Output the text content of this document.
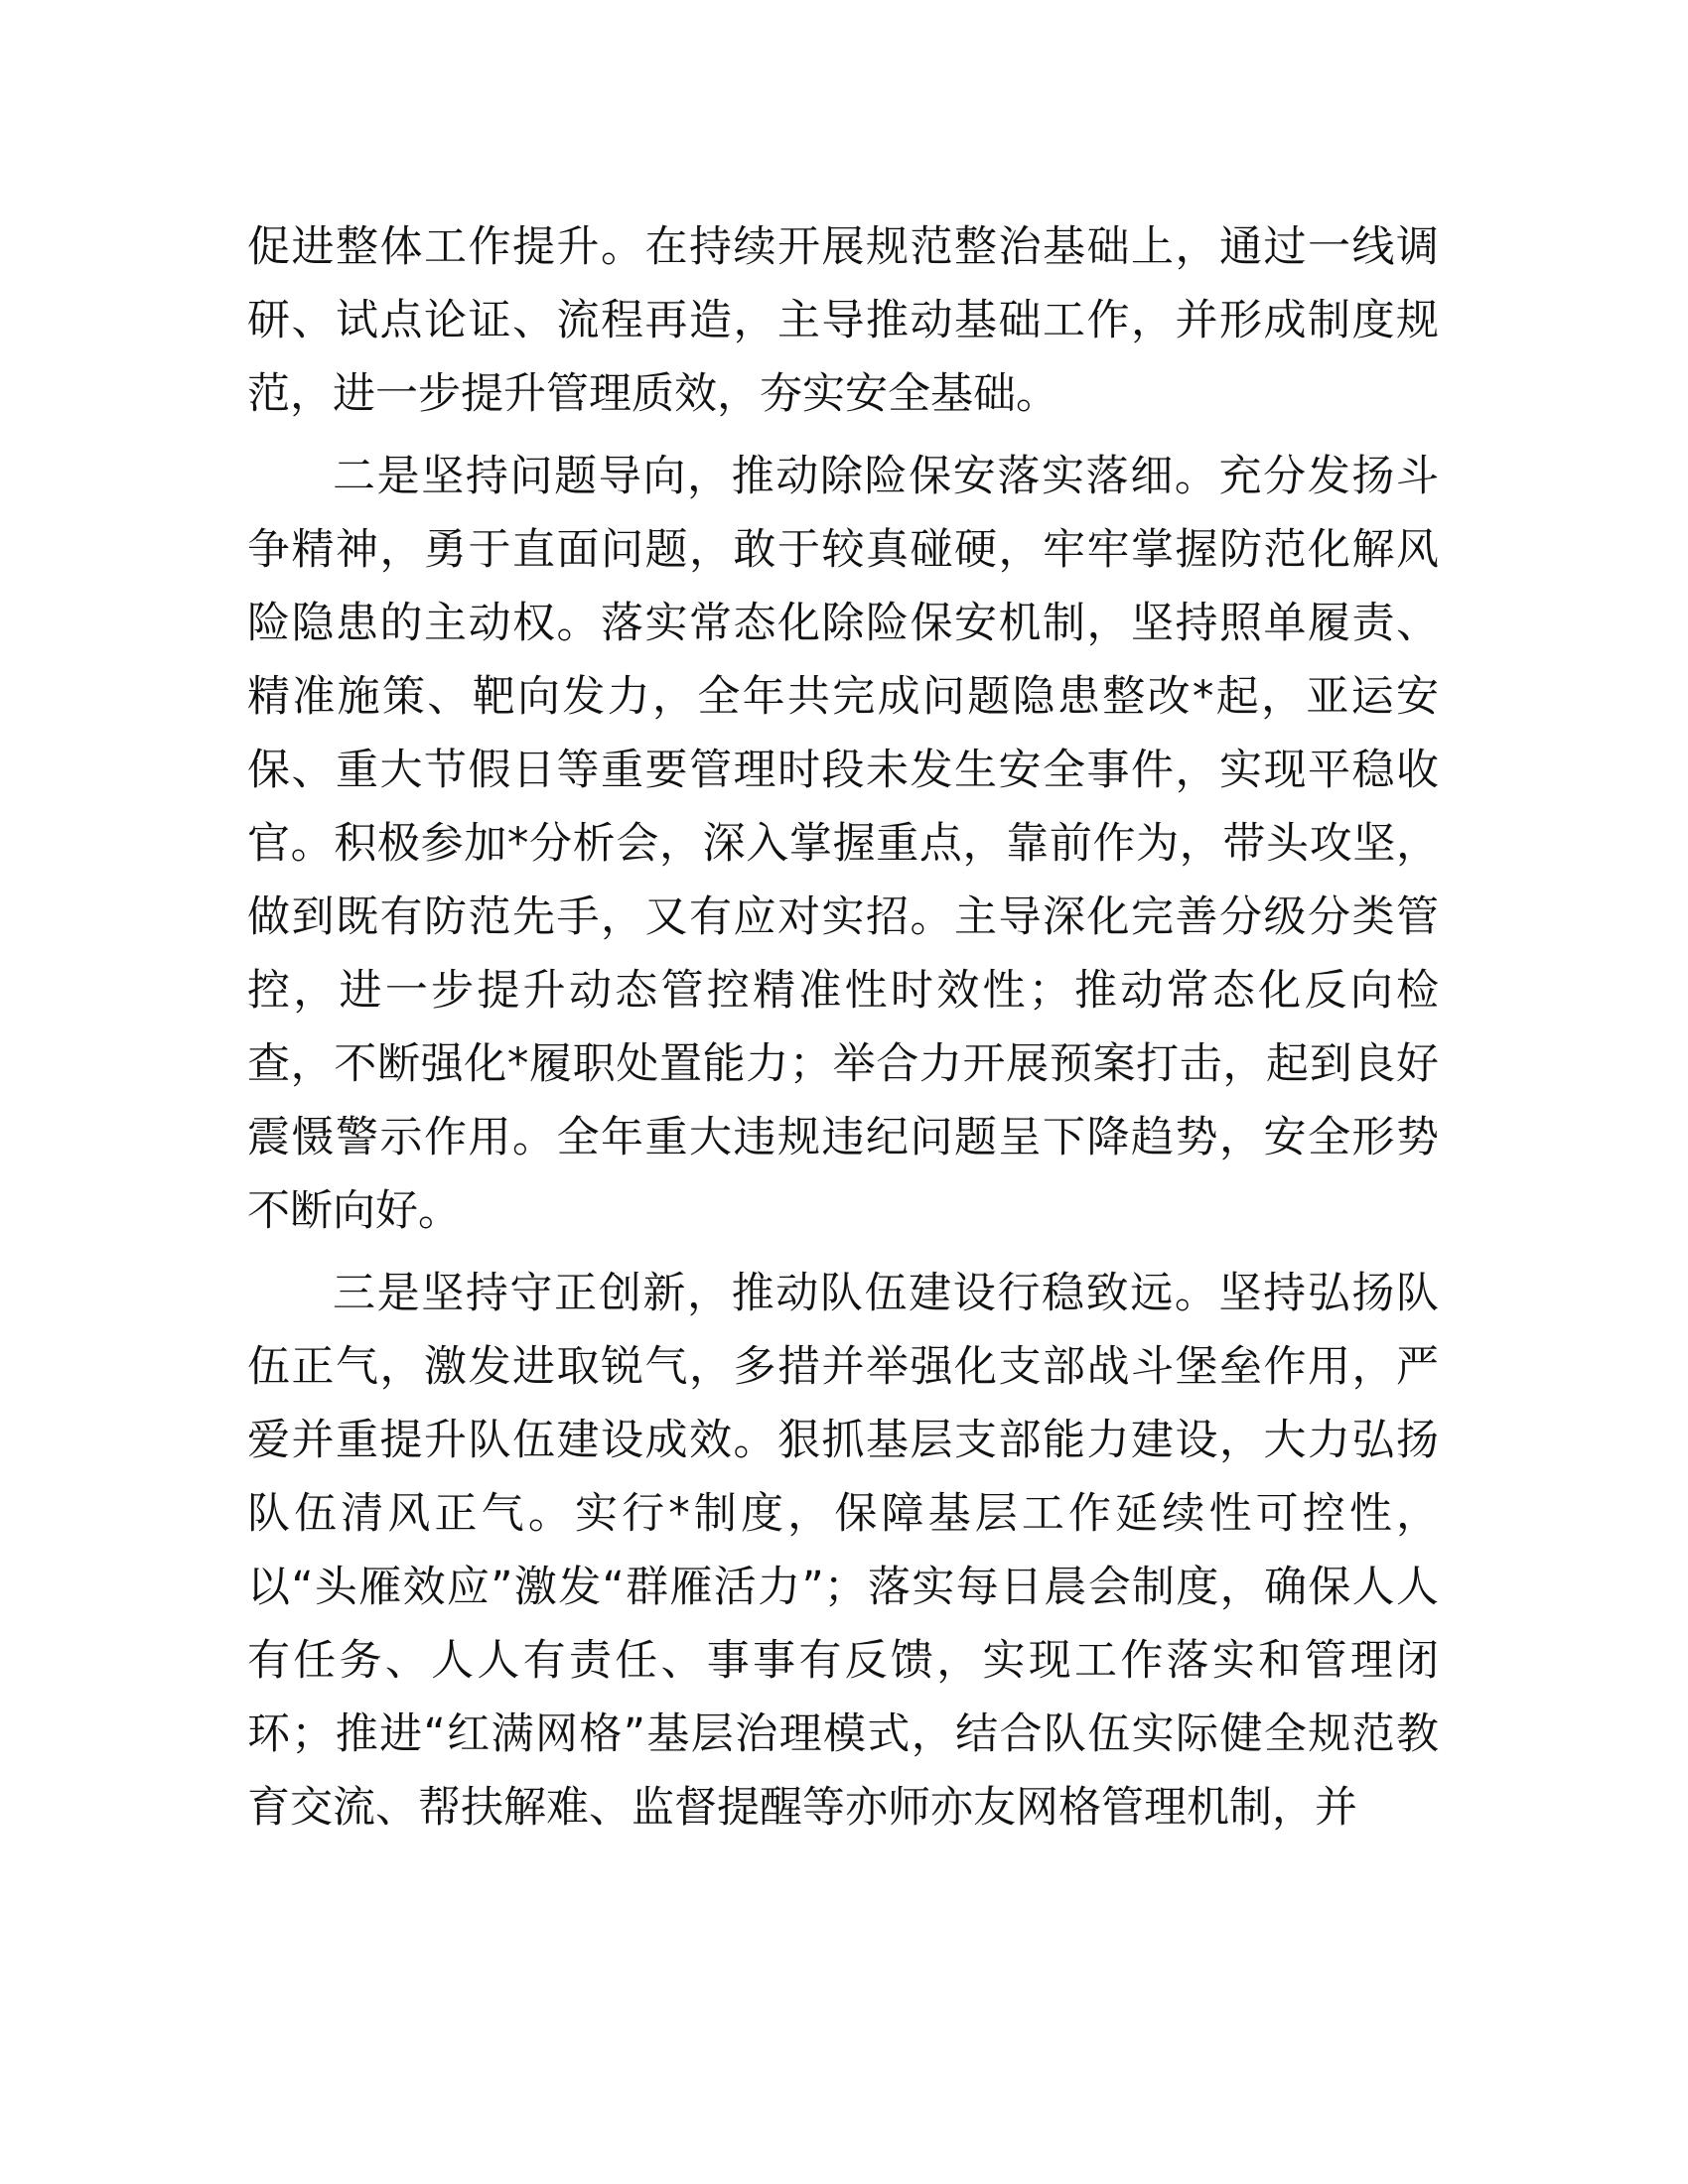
促进整体工作提升。在持续开展规范整治基础上，通过一线调研、试点论证、流程再造，主导推动基础工作，并形成制度规范，进一步提升管理质效，夯实安全基础。

二是坚持问题导向，推动除险保安落实落细。充分发扬斗争精神，勇于直面问题，敢于较真碰硬，牢牢掌握防范化解风险隐患的主动权。落实常态化除险保安机制，坚持照单履责、精准施策、靶向发力，全年共完成问题隐患整改*起，亚运安保、重大节假日等重要管理时段未发生安全事件，实现平稳收官。积极参加*分析会，深入掌握重点，靠前作为，带头攻坚，做到既有防范先手，又有应对实招。主导深化完善分级分类管控，进一步提升动态管控精准性时效性；推动常态化反向检查，不断强化*履职处置能力；举合力开展预案打击，起到良好震慑警示作用。全年重大违规违纪问题呈下降趋势，安全形势不断向好。

三是坚持守正创新，推动队伍建设行稳致远。坚持弘扬队伍正气，激发进取锐气，多措并举强化支部战斗堡垒作用，严爱并重提升队伍建设成效。狠抓基层支部能力建设，大力弘扬队伍清风正气。实行*制度，保障基层工作延续性可控性，以“头雁效应”激发“群雁活力”；落实每日晨会制度，确保人人有任务、人人有责任、事事有反馈，实现工作落实和管理闭环；推进“红满网格”基层治理模式，结合队伍实际健全规范教育交流、帮扶解难、监督提醒等亦师亦友网格管理机制，并
